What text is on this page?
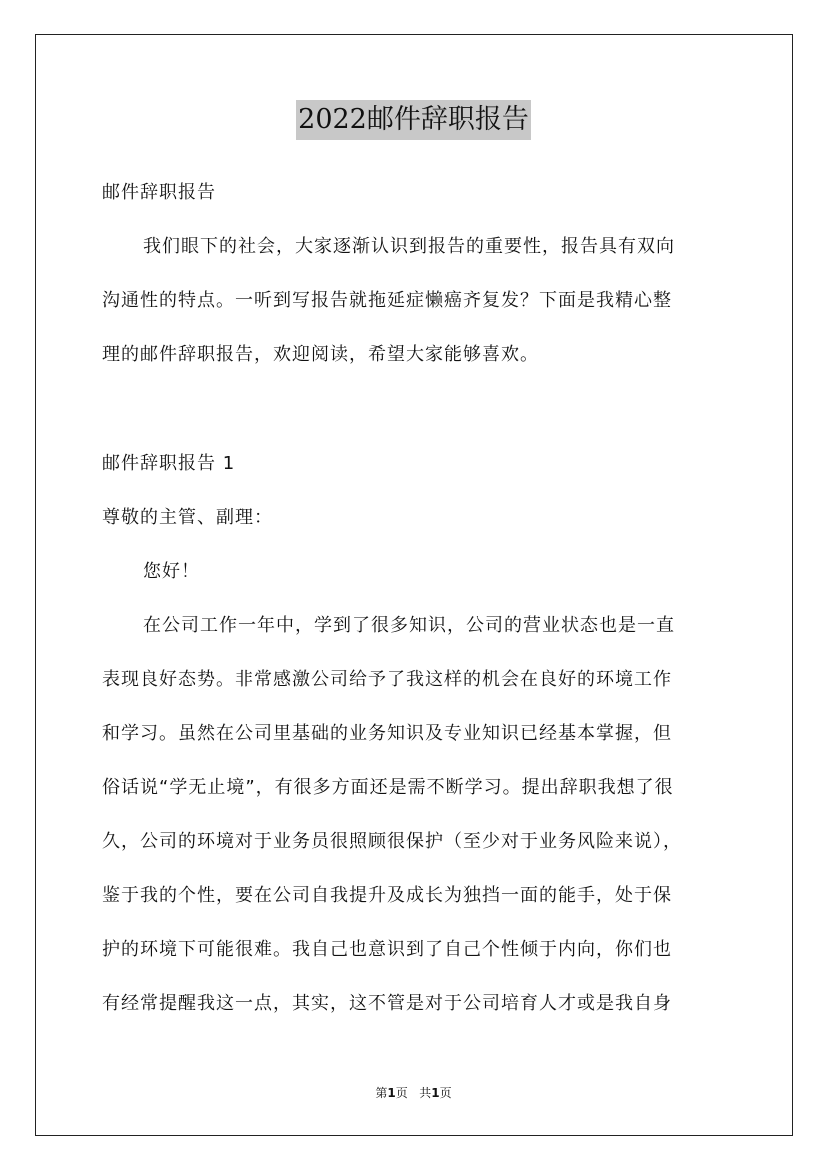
2022邮件辞职报告
邮件辞职报告
我们眼下的社会，大家逐渐认识到报告的重要性，报告具有双向
沟通性的特点。一听到写报告就拖延症懒癌齐复发？下面是我精心整
理的邮件辞职报告，欢迎阅读，希望大家能够喜欢。
邮件辞职报告 1
尊敬的主管、副理：
您好！
在公司工作一年中，学到了很多知识，公司的营业状态也是一直
表现良好态势。非常感激公司给予了我这样的机会在良好的环境工作
和学习。虽然在公司里基础的业务知识及专业知识已经基本掌握，但
俗话说“学无止境”，有很多方面还是需不断学习。提出辞职我想了很
久，公司的环境对于业务员很照顾很保护（至少对于业务风险来说），
鉴于我的个性，要在公司自我提升及成长为独挡一面的能手，处于保
护的环境下可能很难。我自己也意识到了自己个性倾于内向，你们也
有经常提醒我这一点，其实，这不管是对于公司培育人才或是我自身
第1页 共1页
